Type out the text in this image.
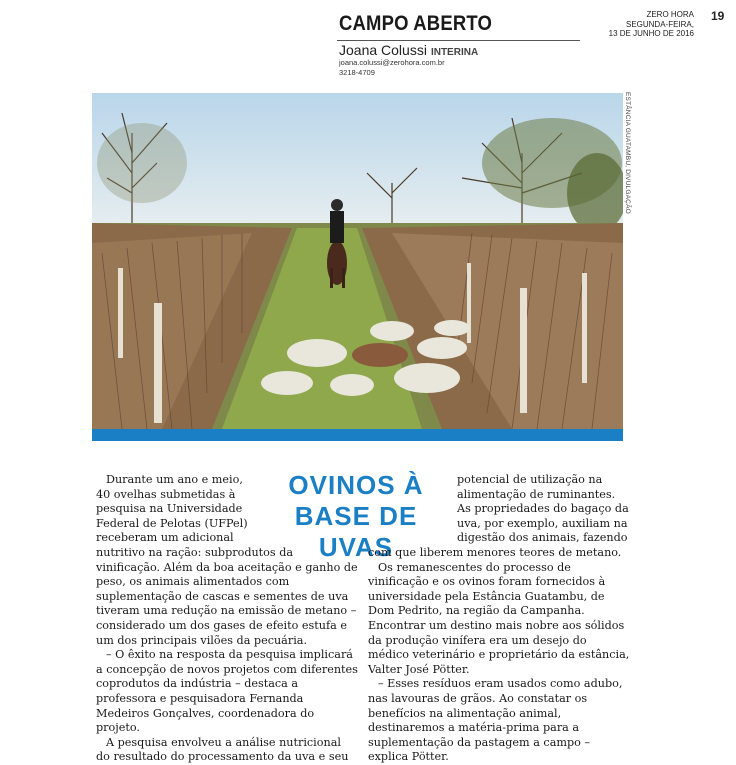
CAMPO ABERTO
Joana Colussi INTERINA
joana.colussi@zerohora.com.br
3218-4709
ZERO HORA
SEGUNDA-FEIRA,
13 DE JUNHO DE 2016
19
ESTÂNCIA GUATAMBU, DIVULGAÇÃO
OVINOS À
BASE DE UVAS
Durante um ano e meio,
40 ovelhas submetidas à
pesquisa na Universidade
Federal de Pelotas (UFPel)
receberam um adicional
nutritivo na ração: subprodutos da vinificação. Além da boa aceitação e ganho de peso, os animais alimentados com suplementação de cascas e sementes de uva tiveram uma redução na emissão de metano – considerado um dos gases de efeito estufa e um dos principais vilões da pecuária.

– O êxito na resposta da pesquisa implicará a concepção de novos projetos com diferentes coprodutos da indústria – destaca a professora e pesquisadora Fernanda Medeiros Gonçalves, coordenadora do projeto.

A pesquisa envolveu a análise nutricional do resultado do processamento da uva e seu

potencial de utilização na
alimentação de ruminantes.
As propriedades do bagaço da
uva, por exemplo, auxiliam na
digestão dos animais, fazendo
com que liberem menores teores de metano.

Os remanescentes do processo de vinificação e os ovinos foram fornecidos à universidade pela Estância Guatambu, de Dom Pedrito, na região da Campanha. Encontrar um destino mais nobre aos sólidos da produção vinífera era um desejo do médico veterinário e proprietário da estância, Valter José Pötter.

– Esses resíduos eram usados como adubo, nas lavouras de grãos. Ao constatar os benefícios na alimentação animal, destinaremos a matéria-prima para a suplementação da pastagem a campo – explica Pötter.
